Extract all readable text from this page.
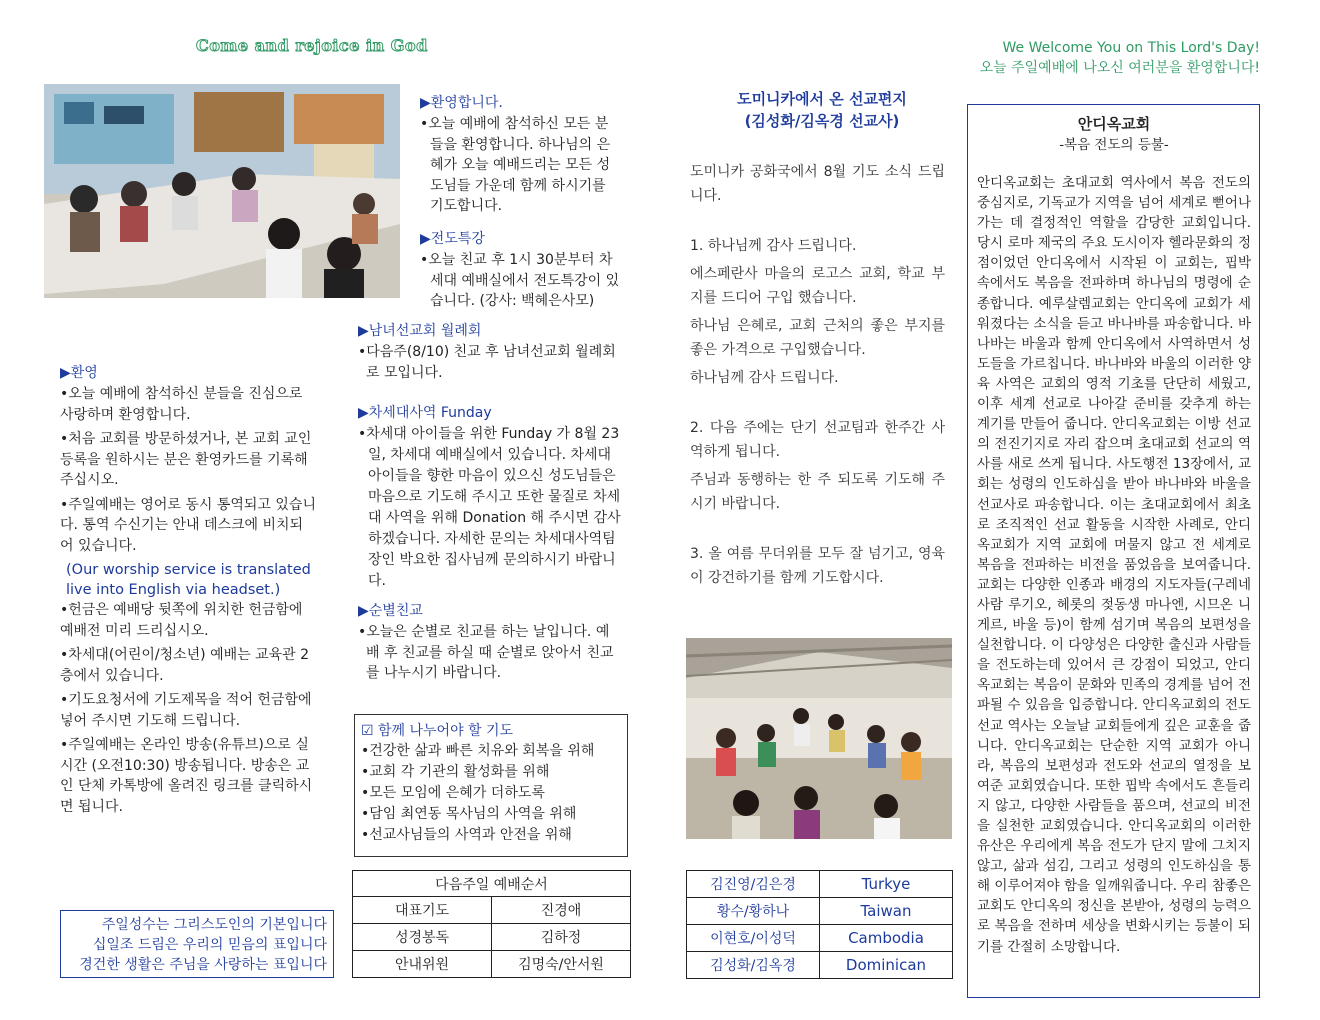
Come and rejoice in God	We Welcome You on This Lord's Day!
오늘 주일예배에 나오신 여러분을 환영합니다!
▶환영

•오늘 예배에 참석하신 분들을 진심으로 사랑하며 환영합니다.

•처음 교회를 방문하셨거나, 본 교회 교인등록을 원하시는 분은 환영카드를 기록해 주십시오.

•주일예배는 영어로 동시 통역되고 있습니다. 통역 수신기는 안내 데스크에 비치되어 있습니다.

(Our worship service is translated
live into English via headset.)

•헌금은 예배당 뒷쪽에 위치한 헌금함에 예배전 미리 드리십시오.

•차세대(어린이/청소년) 예배는 교육관 2층에서 있습니다.

•기도요청서에 기도제목을 적어 헌금함에 넣어 주시면 기도해 드립니다.

•주일예배는 온라인 방송(유튜브)으로 실시간 (오전10:30) 방송됩니다. 방송은 교인 단체 카톡방에 올려진 링크를 클릭하시면 됩니다.

주일성수는 그리스도인의 기본입니다
십일조 드림은 우리의 믿음의 표입니다
경건한 생활은 주님을 사랑하는 표입니다
▶환영합니다.

•오늘 예배에 참석하신 모든 분들을 환영합니다. 하나님의 은혜가 오늘 예배드리는 모든 성도님들 가운데 함께 하시기를 기도합니다.

▶전도특강

•오늘 친교 후 1시 30분부터 차세대 예배실에서 전도특강이 있습니다. (강사: 백혜은사모)

▶남녀선교회 월례회

•다음주(8/10) 친교 후 남녀선교회 월례회로 모입니다.

▶차세대사역 Funday

•차세대 아이들을 위한 Funday 가 8월 23일, 차세대 예배실에서 있습니다. 차세대 아이들을 향한 마음이 있으신 성도님들은 마음으로 기도해 주시고 또한 물질로 차세대 사역을 위해 Donation 해 주시면 감사하겠습니다. 자세한 문의는 차세대사역팀장인 박요한 집사님께 문의하시기 바랍니다.

▶순별친교

•오늘은 순별로 친교를 하는 날입니다. 예배 후 친교를 하실 때 순별로 앉아서 친교를 나누시기 바랍니다.

☑ 함께 나누어야 할 기도
•건강한 삶과 빠른 치유와 회복을 위해
•교회 각 기관의 활성화를 위해
•모든 모임에 은혜가 더하도록
•담임 최연동 목사님의 사역을 위해
•선교사님들의 사역과 안전을 위해
다음주일 예배순서	
대표기도	진경애
성경봉독	김하정
안내위원	김명숙/안서원
도미니카에서 온 선교편지
(김성화/김옥경 선교사)

도미니카 공화국에서 8월 기도 소식 드립니다.

1. 하나님께 감사 드립니다.

에스페란사 마을의 로고스 교회, 학교 부지를 드디어 구입 했습니다.

하나님 은혜로, 교회 근처의 좋은 부지를 좋은 가격으로 구입했습니다.

하나님께 감사 드립니다.

2. 다음 주에는 단기 선교팀과 한주간 사역하게 됩니다.

주님과 동행하는 한 주 되도록 기도해 주시기 바랍니다.

3. 올 여름 무더위를 모두 잘 넘기고, 영육이 강건하기를 함께 기도합시다.

김진영/김은경	Turkye
황수/황하나	Taiwan
이현호/이성덕	Cambodia
김성화/김옥경	Dominican
안디옥교회
-복음 전도의 등불-

안디옥교회는 초대교회 역사에서 복음 전도의 중심지로, 기독교가 지역을 넘어 세계로 뻗어나가는 데 결정적인 역할을 감당한 교회입니다. 당시 로마 제국의 주요 도시이자 헬라문화의 정점이었던 안디옥에서 시작된 이 교회는, 핍박 속에서도 복음을 전파하며 하나님의 명령에 순종합니다. 예루살렘교회는 안디옥에 교회가 세워졌다는 소식을 듣고 바나바를 파송합니다. 바나바는 바울과 함께 안디옥에서 사역하면서 성도들을 가르칩니다. 바나바와 바울의 이러한 양육 사역은 교회의 영적 기초를 단단히 세웠고, 이후 세계 선교로 나아갈 준비를 갖추게 하는 계기를 만들어 줍니다. 안디옥교회는 이방 선교의 전진기지로 자리 잡으며 초대교회 선교의 역사를 새로 쓰게 됩니다. 사도행전 13장에서, 교회는 성령의 인도하심을 받아 바나바와 바울을 선교사로 파송합니다. 이는 초대교회에서 최초로 조직적인 선교 활동을 시작한 사례로, 안디옥교회가 지역 교회에 머물지 않고 전 세계로 복음을 전파하는 비전을 품었음을 보여줍니다. 교회는 다양한 인종과 배경의 지도자들(구레네 사람 루기오, 헤롯의 젖동생 마나엔, 시므온 니게르, 바울 등)이 함께 섬기며 복음의 보편성을 실천합니다. 이 다양성은 다양한 출신과 사람들을 전도하는데 있어서 큰 강점이 되었고, 안디옥교회는 복음이 문화와 민족의 경계를 넘어 전파될 수 있음을 입증합니다. 안디옥교회의 전도 선교 역사는 오늘날 교회들에게 깊은 교훈을 줍니다. 안디옥교회는 단순한 지역 교회가 아니라, 복음의 보편성과 전도와 선교의 열정을 보여준 교회였습니다. 또한 핍박 속에서도 흔들리지 않고, 다양한 사람들을 품으며, 선교의 비전을 실천한 교회였습니다. 안디옥교회의 이러한 유산은 우리에게 복음 전도가 단지 말에 그치지 않고, 삶과 섬김, 그리고 성령의 인도하심을 통해 이루어져야 함을 일깨워줍니다. 우리 참좋은교회도 안디옥의 정신을 본받아, 성령의 능력으로 복음을 전하며 세상을 변화시키는 등불이 되기를 간절히 소망합니다.
